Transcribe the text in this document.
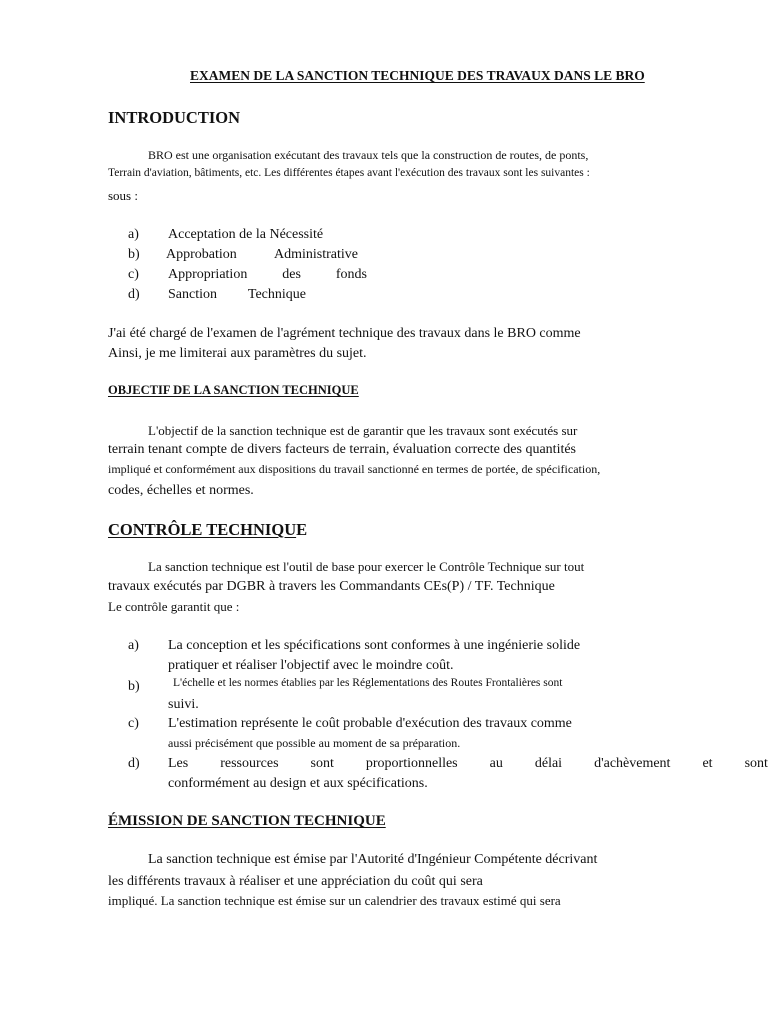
EXAMEN DE LA SANCTION TECHNIQUE DES TRAVAUX DANS LE BRO
INTRODUCTION
BRO est une organisation exécutant des travaux tels que la construction de routes, de ponts,
Terrain d'aviation, bâtiments, etc. Les différentes étapes avant l'exécution des travaux sont les suivantes :
sous :
a) Acceptation de la Nécessité
b) Approbation	Administrative
c) Appropriation des fonds
d) Sanction Technique
J'ai été chargé de l'examen de l'agrément technique des travaux dans le BRO comme
Ainsi, je me limiterai aux paramètres du sujet.
OBJECTIF DE LA SANCTION TECHNIQUE
L'objectif de la sanction technique est de garantir que les travaux sont exécutés sur
terrain tenant compte de divers facteurs de terrain, évaluation correcte des quantités
impliqué et conformément aux dispositions du travail sanctionné en termes de portée, de spécification,
codes, échelles et normes.
CONTRÔLE TECHNIQUE
La sanction technique est l'outil de base pour exercer le Contrôle Technique sur tout
travaux exécutés par DGBR à travers les Commandants CEs(P) / TF. Technique
Le contrôle garantit que :
a) La conception et les spécifications sont conformes à une ingénierie solide
pratiquer et réaliser l'objectif avec le moindre coût.
b)	L'échelle et les normes établies par les Réglementations des Routes Frontalières sont
suivi.
c) L'estimation représente le coût probable d'exécution des travaux comme
aussi précisément que possible au moment de sa préparation.
d) Les ressources sont proportionnelles au délai d'achèvement et sont
conformément au design et aux spécifications.
ÉMISSION DE SANCTION TECHNIQUE
La sanction technique est émise par l'Autorité d'Ingénieur Compétente décrivant
les différents travaux à réaliser et une appréciation du coût qui sera
impliqué. La sanction technique est émise sur un calendrier des travaux estimé qui sera
